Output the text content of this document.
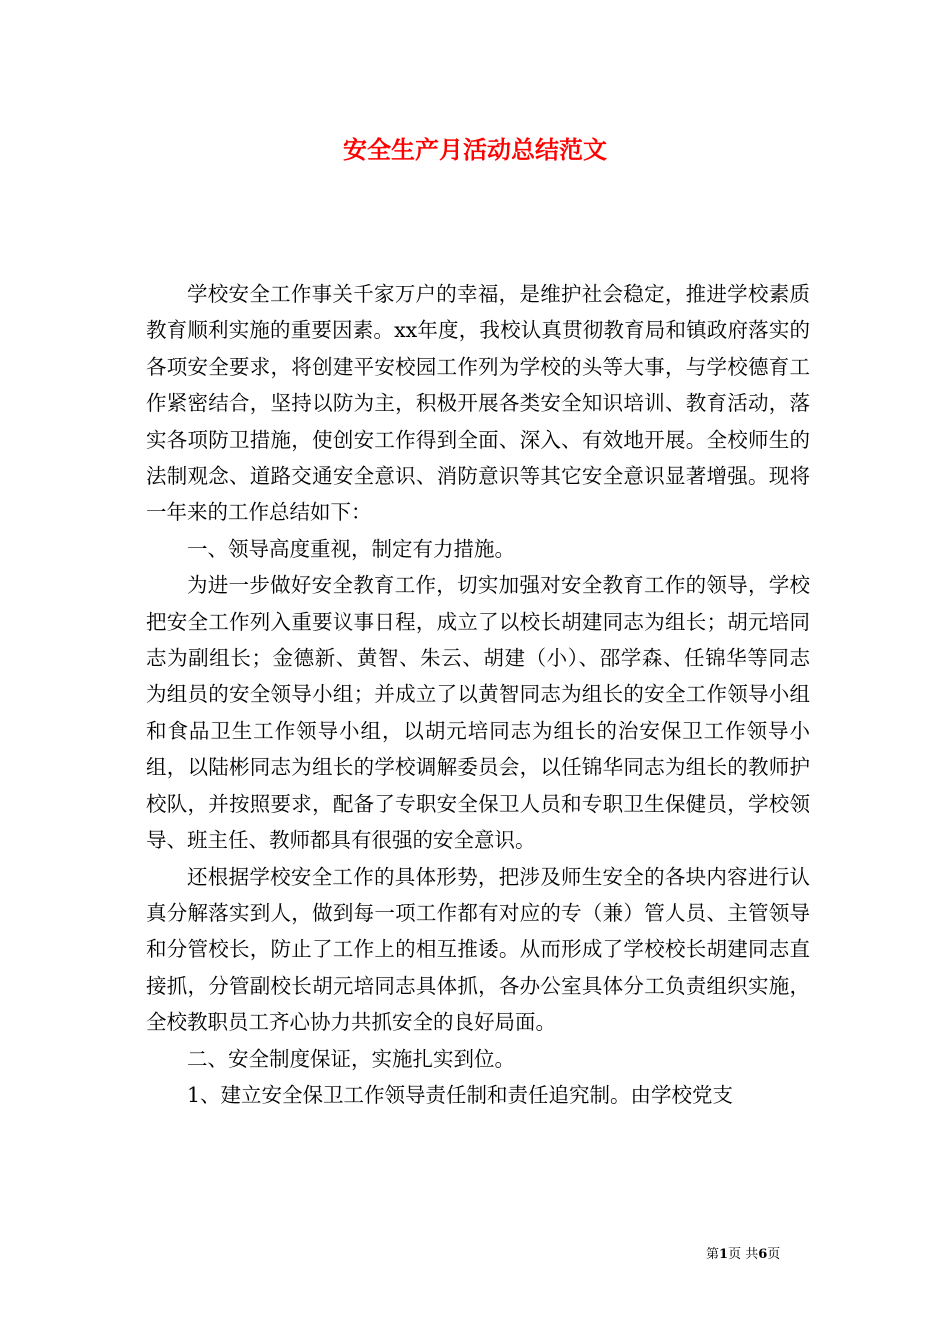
安全生产月活动总结范文

学校安全工作事关千家万户的幸福，是维护社会稳定，推进学校素质教育顺利实施的重要因素。xx年度，我校认真贯彻教育局和镇政府落实的各项安全要求，将创建平安校园工作列为学校的头等大事，与学校德育工作紧密结合，坚持以防为主，积极开展各类安全知识培训、教育活动，落实各项防卫措施，使创安工作得到全面、深入、有效地开展。全校师生的法制观念、道路交通安全意识、消防意识等其它安全意识显著增强。现将一年来的工作总结如下：

一、领导高度重视，制定有力措施。

为进一步做好安全教育工作，切实加强对安全教育工作的领导，学校把安全工作列入重要议事日程，成立了以校长胡建同志为组长；胡元培同志为副组长；金德新、黄智、朱云、胡建（小）、邵学森、任锦华等同志为组员的安全领导小组；并成立了以黄智同志为组长的安全工作领导小组和食品卫生工作领导小组，以胡元培同志为组长的治安保卫工作领导小组，以陆彬同志为组长的学校调解委员会，以任锦华同志为组长的教师护校队，并按照要求，配备了专职安全保卫人员和专职卫生保健员，学校领导、班主任、教师都具有很强的安全意识。

还根据学校安全工作的具体形势，把涉及师生安全的各块内容进行认真分解落实到人，做到每一项工作都有对应的专（兼）管人员、主管领导和分管校长，防止了工作上的相互推诿。从而形成了学校校长胡建同志直接抓，分管副校长胡元培同志具体抓，各办公室具体分工负责组织实施，全校教职员工齐心协力共抓安全的良好局面。

二、安全制度保证，实施扎实到位。

1、建立安全保卫工作领导责任制和责任追究制。由学校党支

第1页 共6页
